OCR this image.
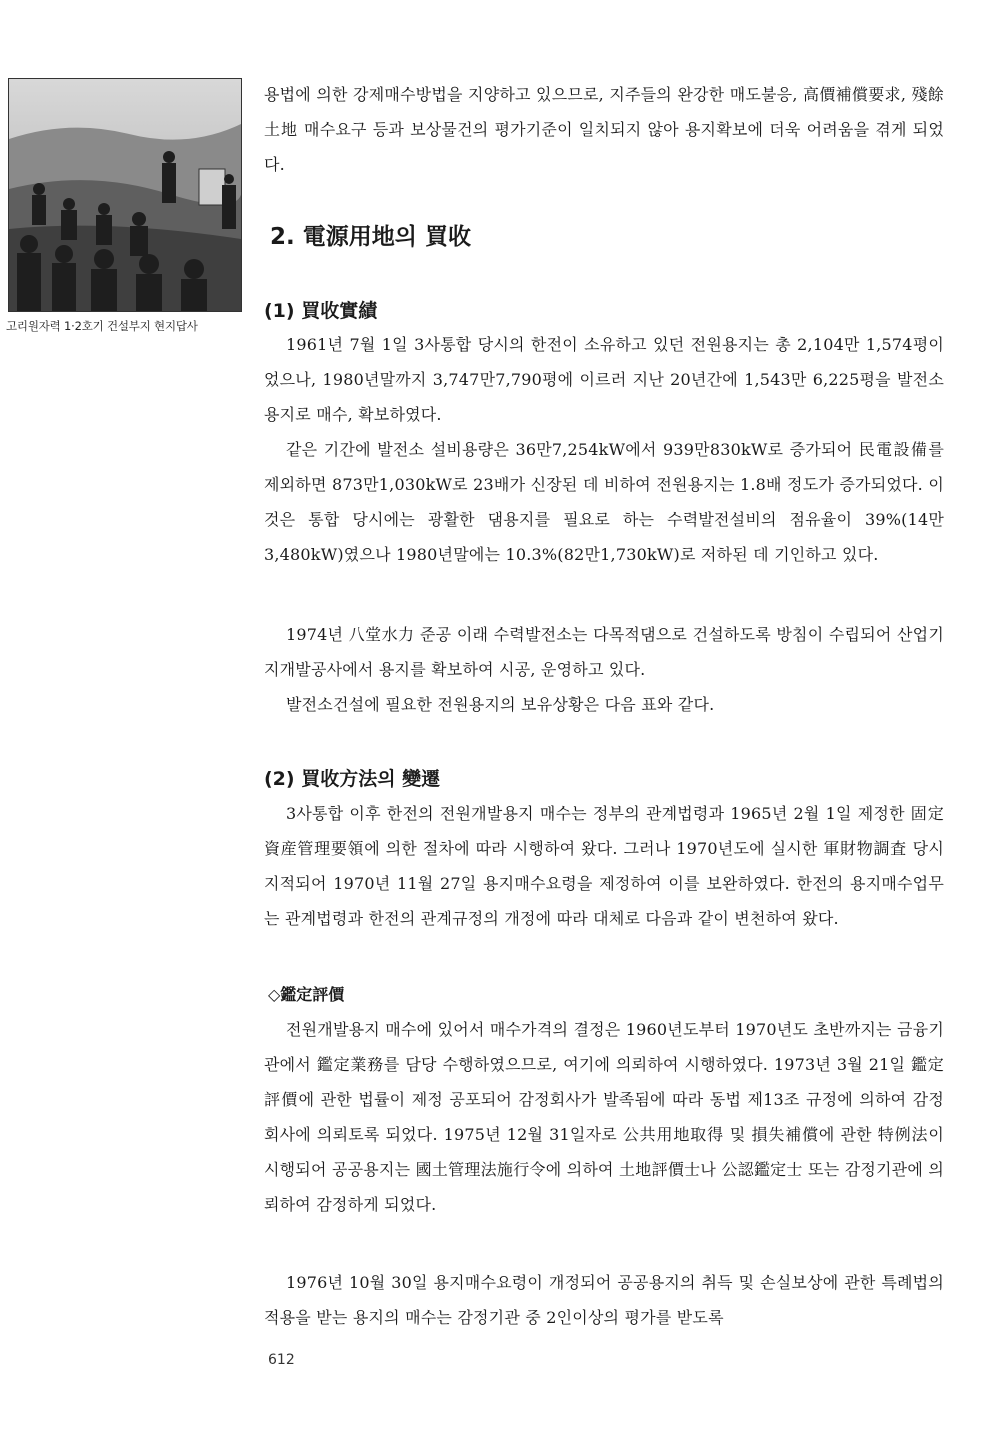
고리원자력 1·2호기 건설부지 현지답사

용법에 의한 강제매수방법을 지양하고 있으므로, 지주들의 완강한 매도불응, 高價補償要求, 殘餘土地 매수요구 등과 보상물건의 평가기준이 일치되지 않아 용지확보에 더욱 어려움을 겪게 되었다.

2. 電源用地의 買收
(1) 買收實績

1961년 7월 1일 3사통합 당시의 한전이 소유하고 있던 전원용지는 총 2,104만 1,574평이었으나, 1980년말까지 3,747만7,790평에 이르러 지난 20년간에 1,543만 6,225평을 발전소용지로 매수, 확보하였다.

같은 기간에 발전소 설비용량은 36만7,254kW에서 939만830kW로 증가되어 民電設備를 제외하면 873만1,030kW로 23배가 신장된 데 비하여 전원용지는 1.8배 정도가 증가되었다. 이것은 통합 당시에는 광활한 댐용지를 필요로 하는 수력발전설비의 점유율이 39%(14만3,480kW)였으나 1980년말에는 10.3%(82만1,730kW)로 저하된 데 기인하고 있다.

1974년 八堂水力 준공 이래 수력발전소는 다목적댐으로 건설하도록 방침이 수립되어 산업기지개발공사에서 용지를 확보하여 시공, 운영하고 있다.

발전소건설에 필요한 전원용지의 보유상황은 다음 표와 같다.

(2) 買收方法의 變遷

3사통합 이후 한전의 전원개발용지 매수는 정부의 관계법령과 1965년 2월 1일 제정한 固定資産管理要領에 의한 절차에 따라 시행하여 왔다. 그러나 1970년도에 실시한 軍財物調査 당시 지적되어 1970년 11월 27일 용지매수요령을 제정하여 이를 보완하였다. 한전의 용지매수업무는 관계법령과 한전의 관계규정의 개정에 따라 대체로 다음과 같이 변천하여 왔다.

◇鑑定評價

전원개발용지 매수에 있어서 매수가격의 결정은 1960년도부터 1970년도 초반까지는 금융기관에서 鑑定業務를 담당 수행하였으므로, 여기에 의뢰하여 시행하였다. 1973년 3월 21일 鑑定評價에 관한 법률이 제정 공포되어 감정회사가 발족됨에 따라 동법 제13조 규정에 의하여 감정회사에 의뢰토록 되었다. 1975년 12월 31일자로 公共用地取得 및 損失補償에 관한 特例法이 시행되어 공공용지는 國土管理法施行令에 의하여 土地評價士나 公認鑑定士 또는 감정기관에 의뢰하여 감정하게 되었다.

1976년 10월 30일 용지매수요령이 개정되어 공공용지의 취득 및 손실보상에 관한 특례법의 적용을 받는 용지의 매수는 감정기관 중 2인이상의 평가를 받도록

612
